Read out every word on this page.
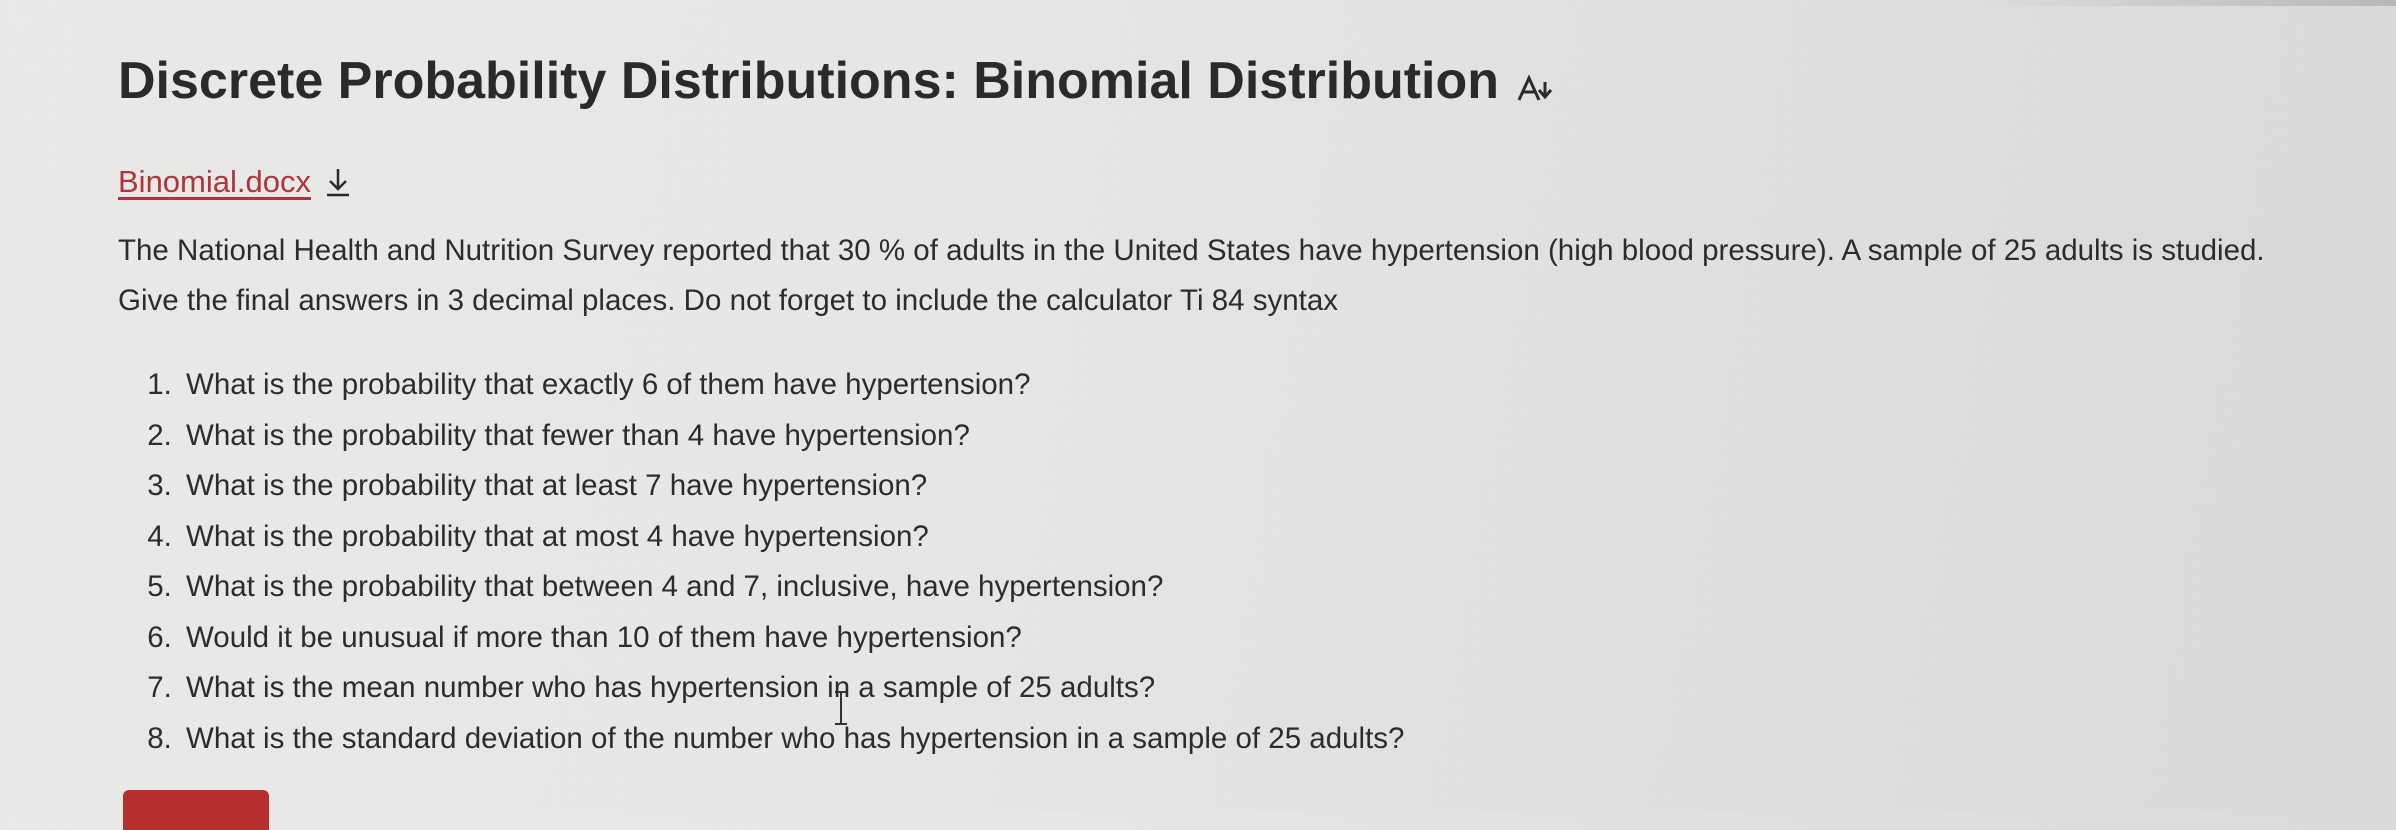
Discrete Probability Distributions: Binomial Distribution
Binomial.docx

The National Health and Nutrition Survey reported that 30 % of adults in the United States have hypertension (high blood pressure). A sample of 25 adults is studied. Give the final answers in 3 decimal places. Do not forget to include the calculator Ti 84 syntax

1. What is the probability that exactly 6 of them have hypertension?
2. What is the probability that fewer than 4 have hypertension?
3. What is the probability that at least 7 have hypertension?
4. What is the probability that at most 4 have hypertension?
5. What is the probability that between 4 and 7, inclusive, have hypertension?
6. Would it be unusual if more than 10 of them have hypertension?
7. What is the mean number who has hypertension in a sample of 25 adults?
8. What is the standard deviation of the number who has hypertension in a sample of 25 adults?
